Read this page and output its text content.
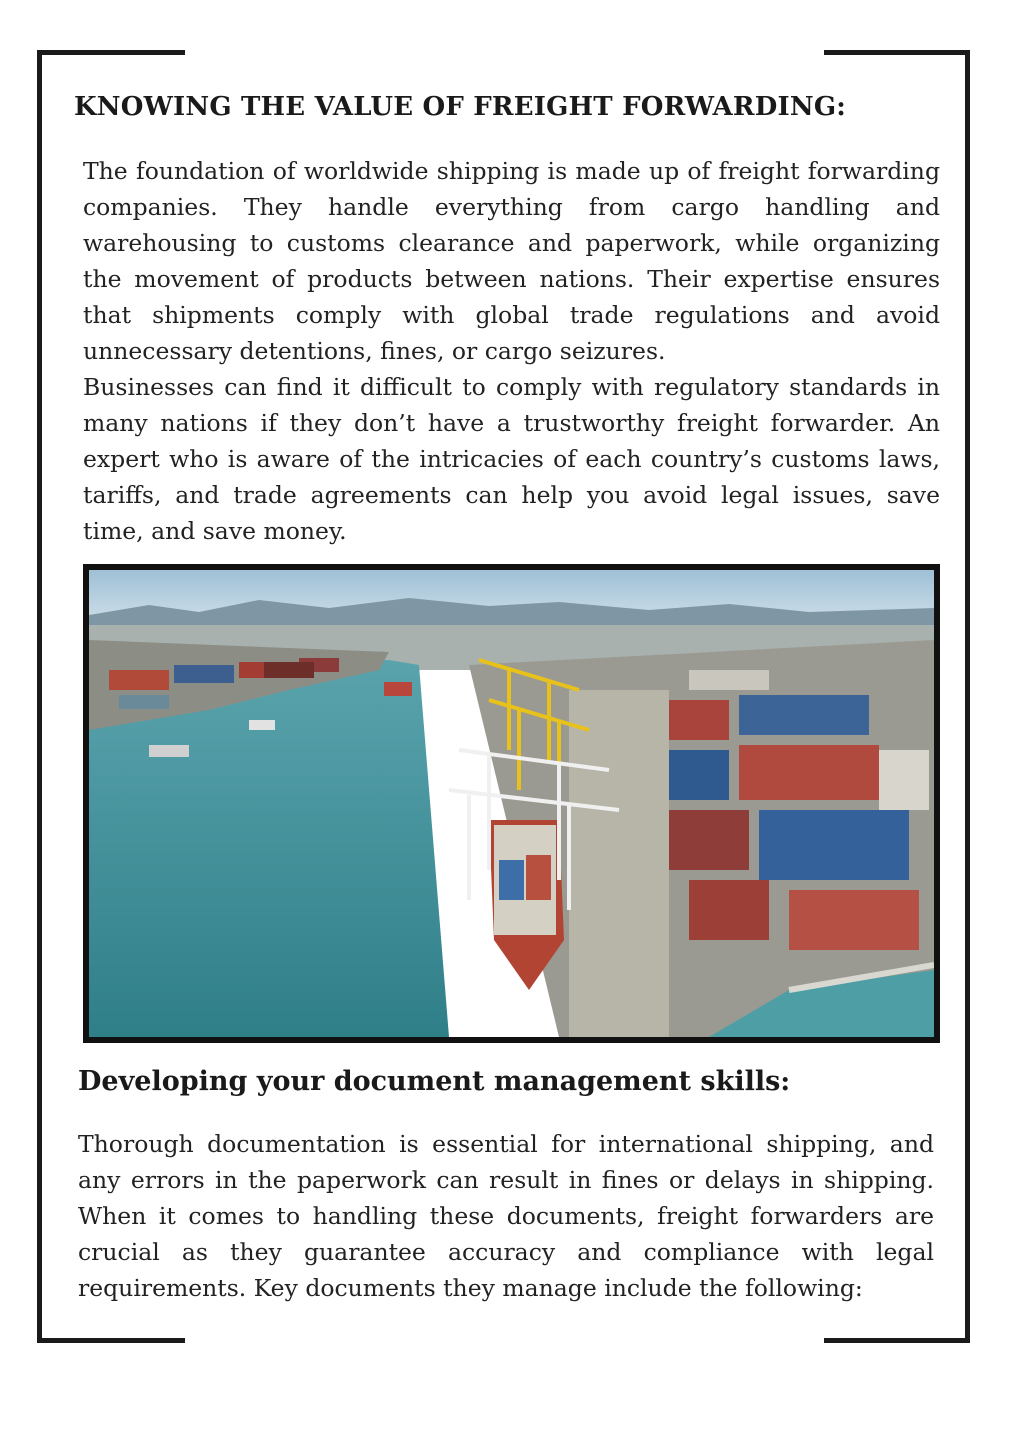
KNOWING THE VALUE OF FREIGHT FORWARDING:

The foundation of worldwide shipping is made up of freight forwarding companies. They handle everything from cargo handling and warehousing to customs clearance and paperwork, while organizing the movement of products between nations. Their expertise ensures that shipments comply with global trade regulations and avoid unnecessary detentions, fines, or cargo seizures.

Businesses can find it difficult to comply with regulatory standards in many nations if they don’t have a trustworthy freight forwarder. An expert who is aware of the intricacies of each country’s customs laws, tariffs, and trade agreements can help you avoid legal issues, save time, and save money.

Developing your document management skills:

Thorough documentation is essential for international shipping, and any errors in the paperwork can result in fines or delays in shipping. When it comes to handling these documents, freight forwarders are crucial as they guarantee accuracy and compliance with legal requirements. Key documents they manage include the following:
